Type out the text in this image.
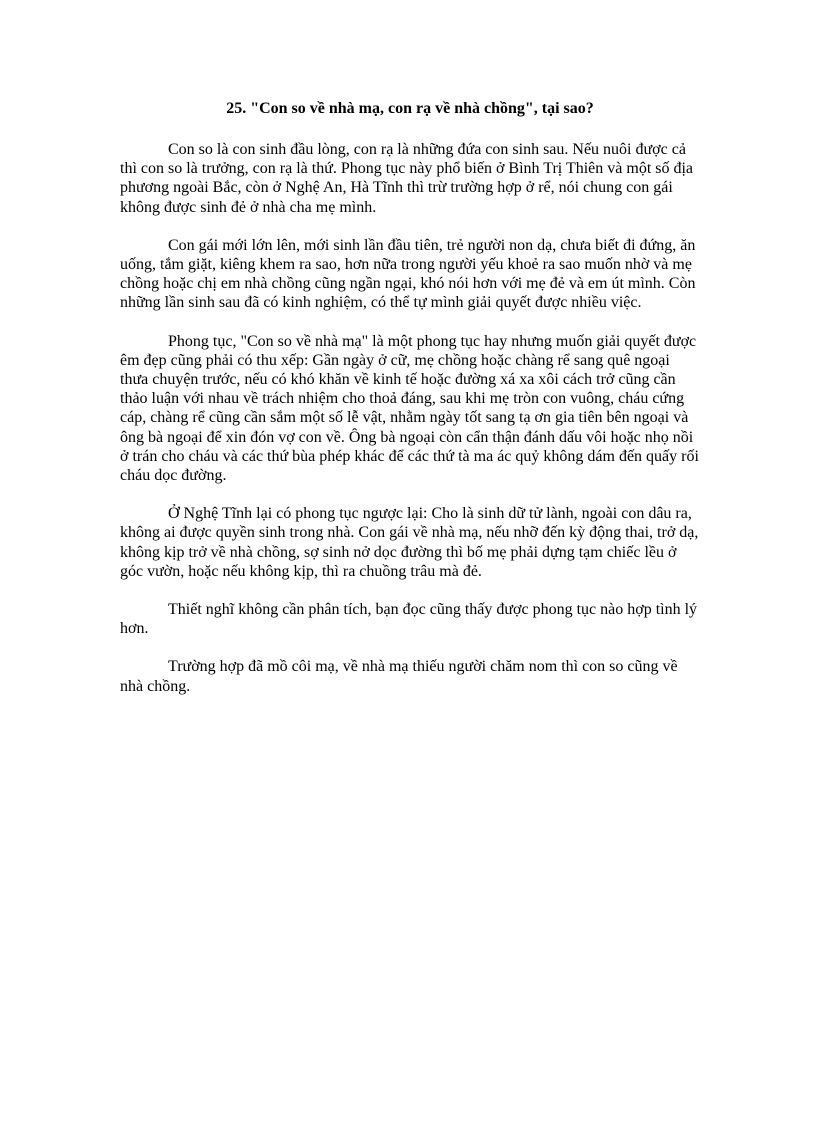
25. "Con so về nhà mạ, con rạ về nhà chồng", tại sao?

Con so là con sinh đầu lòng, con rạ là những đứa con sinh sau. Nếu nuôi được cả thì con so là trưởng, con rạ là thứ. Phong tục này phổ biến ở Bình Trị Thiên và một số địa phương ngoài Bắc, còn ở Nghệ An, Hà Tĩnh thì trừ trường hợp ở rể, nói chung con gái không được sinh đẻ ở nhà cha mẹ mình.

Con gái mới lớn lên, mới sinh lần đầu tiên, trẻ người non dạ, chưa biết đi đứng, ăn uống, tắm giặt, kiêng khem ra sao, hơn nữa trong người yếu khoẻ ra sao muốn nhờ và mẹ chồng hoặc chị em nhà chồng cũng ngần ngại, khó nói hơn với mẹ đẻ và em út mình. Còn những lần sinh sau đã có kinh nghiệm, có thể tự mình giải quyết được nhiều việc.

Phong tục, "Con so về nhà mạ" là một phong tục hay nhưng muốn giải quyết được êm đẹp cũng phải có thu xếp: Gần ngày ở cữ, mẹ chồng hoặc chàng rể sang quê ngoại thưa chuyện trước, nếu có khó khăn về kinh tế hoặc đường xá xa xôi cách trở cũng cần thảo luận với nhau về trách nhiệm cho thoả đáng, sau khi mẹ tròn con vuông, cháu cứng cáp, chàng rể cũng cần sắm một số lễ vật, nhằm ngày tốt sang tạ ơn gia tiên bên ngoại và ông bà ngoại để xin đón vợ con về. Ông bà ngoại còn cẩn thận đánh dấu vôi hoặc nhọ nồi ở trán cho cháu và các thứ bùa phép khác để các thứ tà ma ác quỷ không dám đến quấy rối cháu dọc đường.

Ở Nghệ Tĩnh lại có phong tục ngược lại: Cho là sinh dữ tử lành, ngoài con dâu ra, không ai được quyền sinh trong nhà. Con gái về nhà mạ, nếu nhỡ đến kỳ động thai, trở dạ, không kịp trở về nhà chồng, sợ sinh nở dọc đường thì bố mẹ phải dựng tạm chiếc lều ở góc vườn, hoặc nếu không kịp, thì ra chuồng trâu mà đẻ.

Thiết nghĩ không cần phân tích, bạn đọc cũng thấy được phong tục nào hợp tình lý hơn.

Trường hợp đã mồ côi mạ, về nhà mạ thiếu người chăm nom thì con so cũng về nhà chồng.
